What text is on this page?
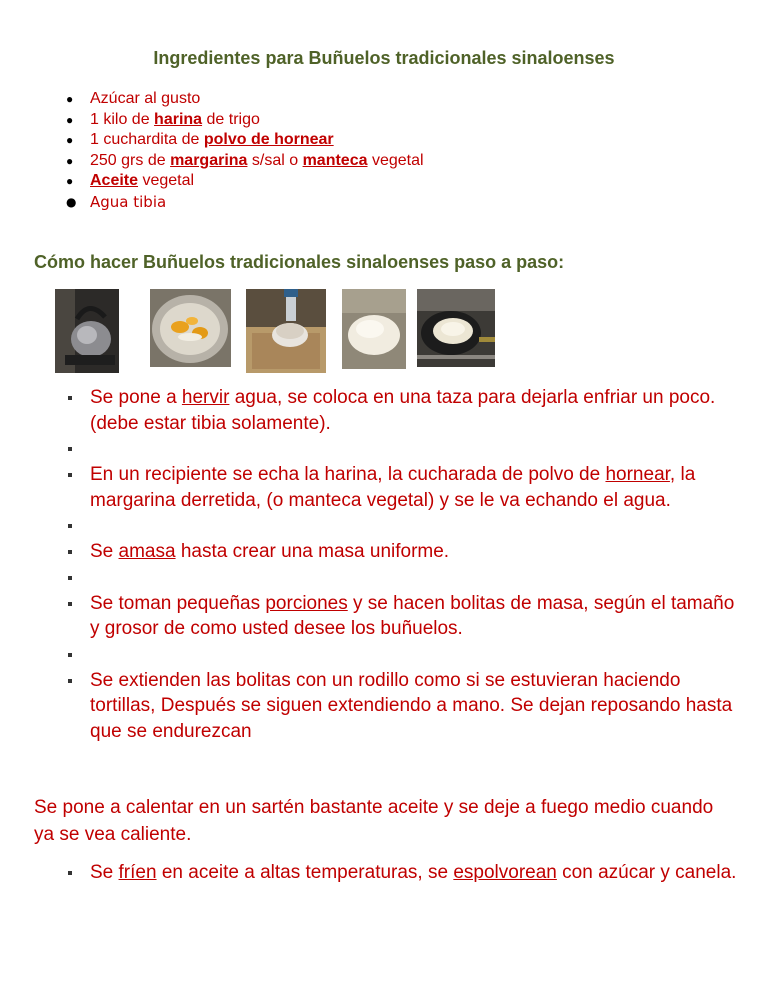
Ingredientes para Buñuelos tradicionales sinaloenses
● Azúcar al gusto
● 1 kilo de harina de trigo
● 1 cuchardita de polvo de hornear
● 250 grs de margarina s/sal o manteca vegetal
● Aceite vegetal
● Agua tibia
Cómo hacer Buñuelos tradicionales sinaloenses paso a paso:
Se pone a hervir agua, se coloca en una taza para dejarla enfriar un poco. (debe estar tibia solamente).
En un recipiente se echa la harina, la cucharada de polvo de hornear, la margarina derretida, (o manteca vegetal) y se le va echando el agua.
Se amasa hasta crear una masa uniforme.
Se toman pequeñas porciones y se hacen bolitas de masa, según el tamaño y grosor de como usted desee los buñuelos.
Se extienden las bolitas con un rodillo como si se estuvieran haciendo tortillas, Después se siguen extendiendo a mano. Se dejan reposando hasta que se endurezcan

Se pone a calentar en un sartén bastante aceite y se deje a fuego medio cuando ya se vea caliente.

Se fríen en aceite a altas temperaturas, se espolvorean con azúcar y canela.
